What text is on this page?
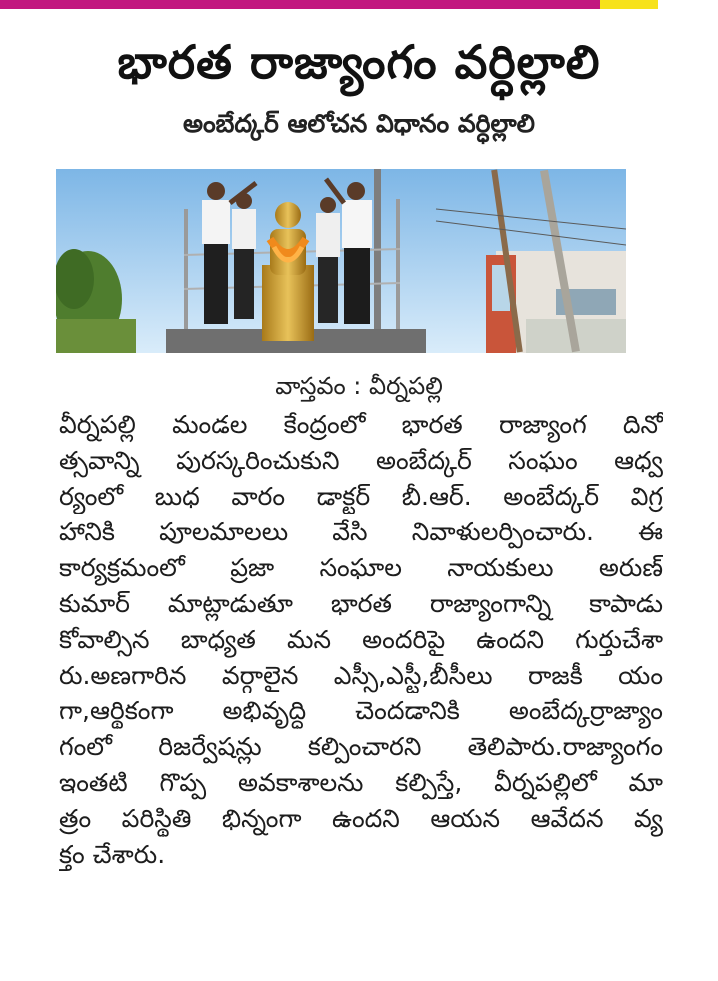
భారత రాజ్యాంగం వర్ధిల్లాలి
అంబేద్కర్ ఆలోచన విధానం వర్ధిల్లాలి
వాస్తవం : వీర్నపల్లి

వీర్నపల్లి మండల కేంద్రంలో భారత రాజ్యాంగ దినో

త్సవాన్ని పురస్కరించుకుని అంబేద్కర్ సంఘం ఆధ్వ

ర్యంలో బుధ వారం డాక్టర్ బీ.ఆర్. అంబేద్కర్ విగ్ర

హానికి పూలమాలలు వేసి నివాళులర్పించారు. ఈ

కార్యక్రమంలో ప్రజా సంఘాల నాయకులు అరుణ్

కుమార్ మాట్లాడుతూ భారత రాజ్యాంగాన్ని కాపాడు

కోవాల్సిన బాధ్యత మన అందరిపై ఉందని గుర్తుచేశా

రు.అణగారిన వర్గాలైన ఎస్సీ,ఎస్టీ,బీసీలు రాజకీ యం

గా,ఆర్థికంగా అభివృద్ధి చెందడానికి అంబేద్కర్రాజ్యాం

గంలో రిజర్వేషన్లు కల్పించారని తెలిపారు.రాజ్యాంగం

ఇంతటి గొప్ప అవకాశాలను కల్పిస్తే, వీర్నపల్లిలో మా

త్రం పరిస్థితి భిన్నంగా ఉందని ఆయన ఆవేదన వ్య

క్తం చేశారు.
